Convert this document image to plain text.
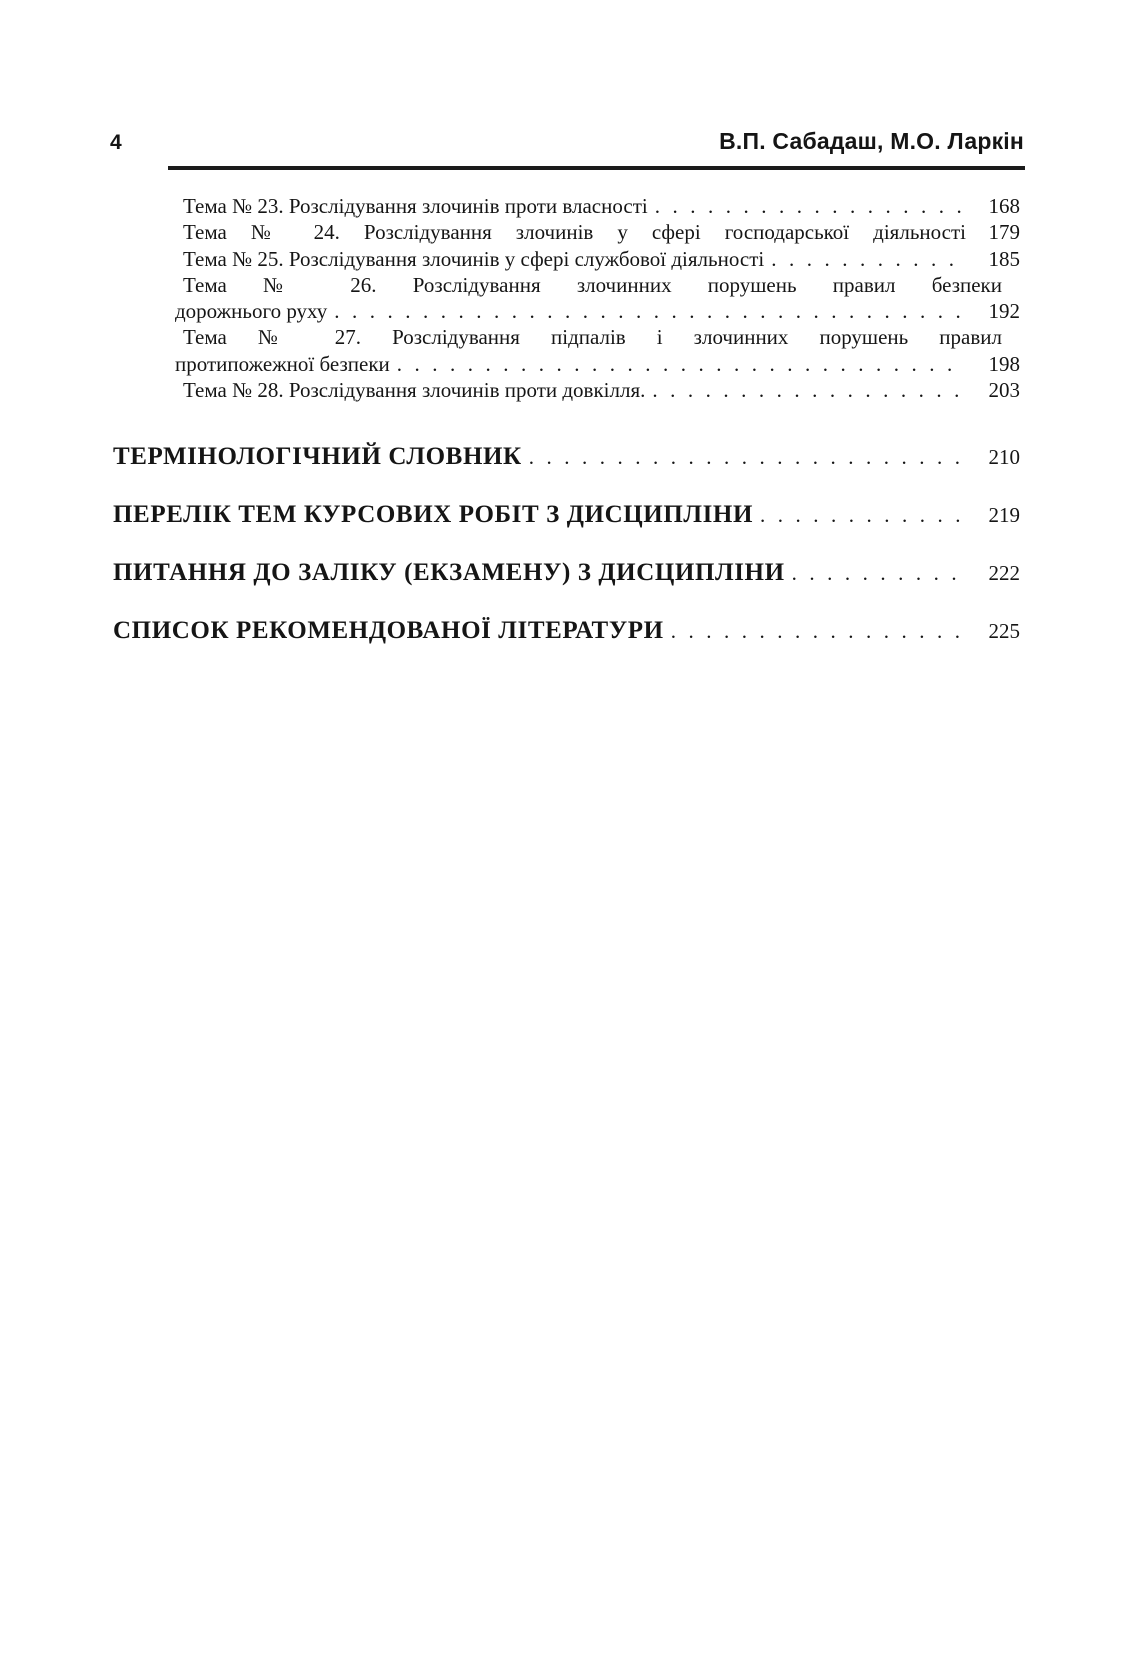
4	В.П. Сабадаш, М.О. Ларкін
Тема № 23. Розслідування злочинів проти власності .....	168
Тема № 24. Розслідування злочинів у сфері господарської діяльності	179
Тема № 25. Розслідування злочинів у сфері службової діяльності .....	185
Тема № 26. Розслідування злочинних порушень правил безпеки
дорожнього руху .....	192
Тема № 27. Розслідування підпалів і злочинних порушень правил
протипожежної безпеки .....	198
Тема № 28. Розслідування злочинів проти довкілля. .....	203
ТЕРМІНОЛОГІЧНИЙ СЛОВНИК .....	210
ПЕРЕЛІК ТЕМ КУРСОВИХ РОБІТ З ДИСЦИПЛІНИ .....	219
ПИТАННЯ ДО ЗАЛІКУ (ЕКЗАМЕНУ) З ДИСЦИПЛІНИ .....	222
СПИСОК РЕКОМЕНДОВАНОЇ ЛІТЕРАТУРИ .....	225
